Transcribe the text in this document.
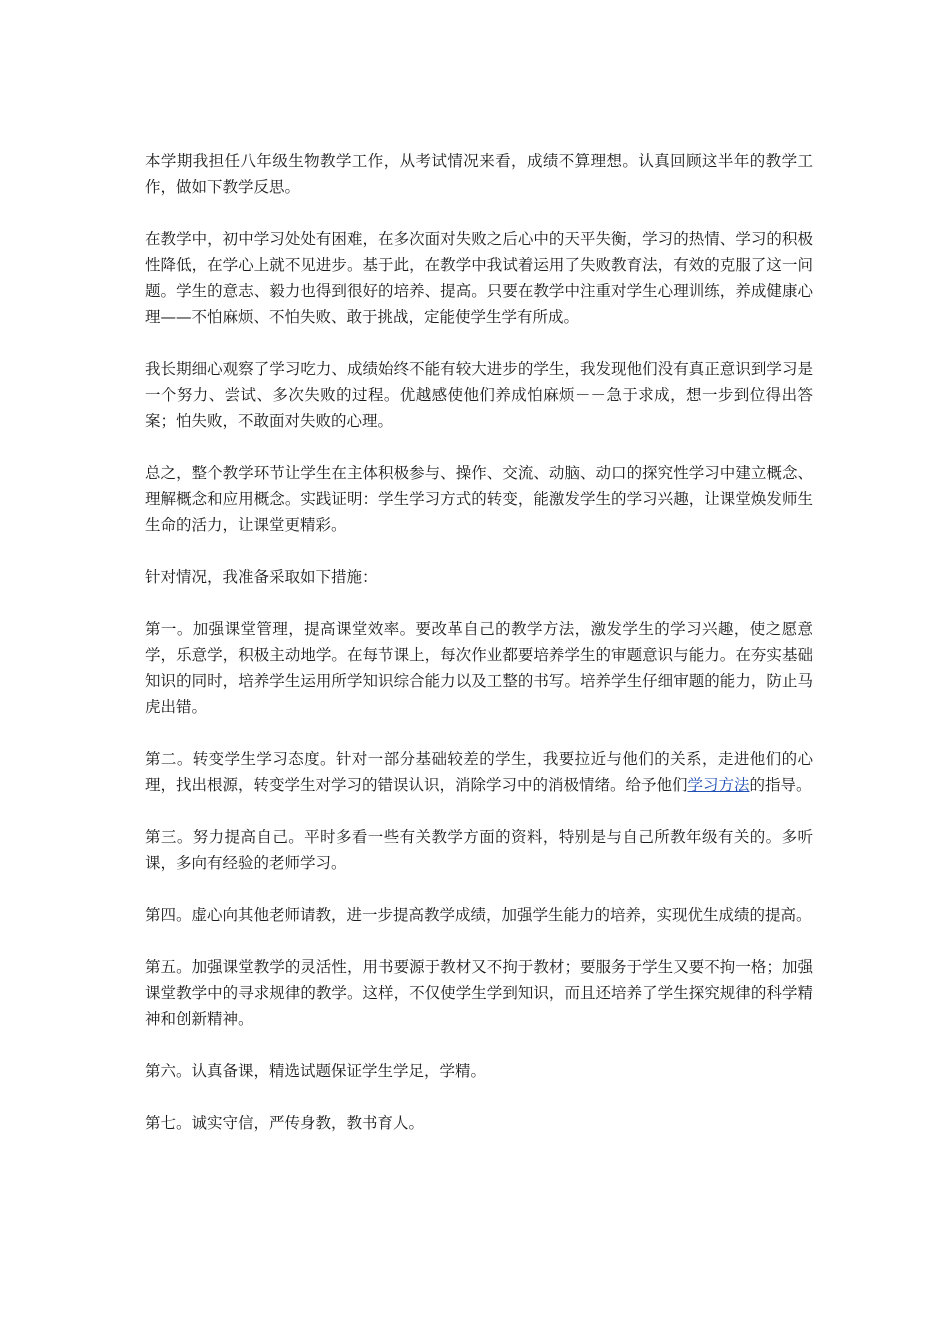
本学期我担任八年级生物教学工作，从考试情况来看，成绩不算理想。认真回顾这半年的教学工作，做如下教学反思。

在教学中，初中学习处处有困难，在多次面对失败之后心中的天平失衡，学习的热情、学习的积极性降低，在学心上就不见进步。基于此，在教学中我试着运用了失败教育法，有效的克服了这一问题。学生的意志、毅力也得到很好的培养、提高。只要在教学中注重对学生心理训练，养成健康心理——不怕麻烦、不怕失败、敢于挑战，定能使学生学有所成。

我长期细心观察了学习吃力、成绩始终不能有较大进步的学生，我发现他们没有真正意识到学习是一个努力、尝试、多次失败的过程。优越感使他们养成怕麻烦－－急于求成，想一步到位得出答案；怕失败，不敢面对失败的心理。

总之，整个教学环节让学生在主体积极参与、操作、交流、动脑、动口的探究性学习中建立概念、理解概念和应用概念。实践证明：学生学习方式的转变，能激发学生的学习兴趣，让课堂焕发师生生命的活力，让课堂更精彩。

针对情况，我准备采取如下措施：

第一。加强课堂管理，提高课堂效率。要改革自己的教学方法，激发学生的学习兴趣，使之愿意学，乐意学，积极主动地学。在每节课上，每次作业都要培养学生的审题意识与能力。在夯实基础知识的同时，培养学生运用所学知识综合能力以及工整的书写。培养学生仔细审题的能力，防止马虎出错。

第二。转变学生学习态度。针对一部分基础较差的学生，我要拉近与他们的关系，走进他们的心理，找出根源，转变学生对学习的错误认识，消除学习中的消极情绪。给予他们学习方法的指导。

第三。努力提高自己。平时多看一些有关教学方面的资料，特别是与自己所教年级有关的。多听课，多向有经验的老师学习。

第四。虚心向其他老师请教，进一步提高教学成绩，加强学生能力的培养，实现优生成绩的提高。

第五。加强课堂教学的灵活性，用书要源于教材又不拘于教材；要服务于学生又要不拘一格；加强课堂教学中的寻求规律的教学。这样，不仅使学生学到知识，而且还培养了学生探究规律的科学精神和创新精神。

第六。认真备课，精选试题保证学生学足，学精。

第七。诚实守信，严传身教，教书育人。
